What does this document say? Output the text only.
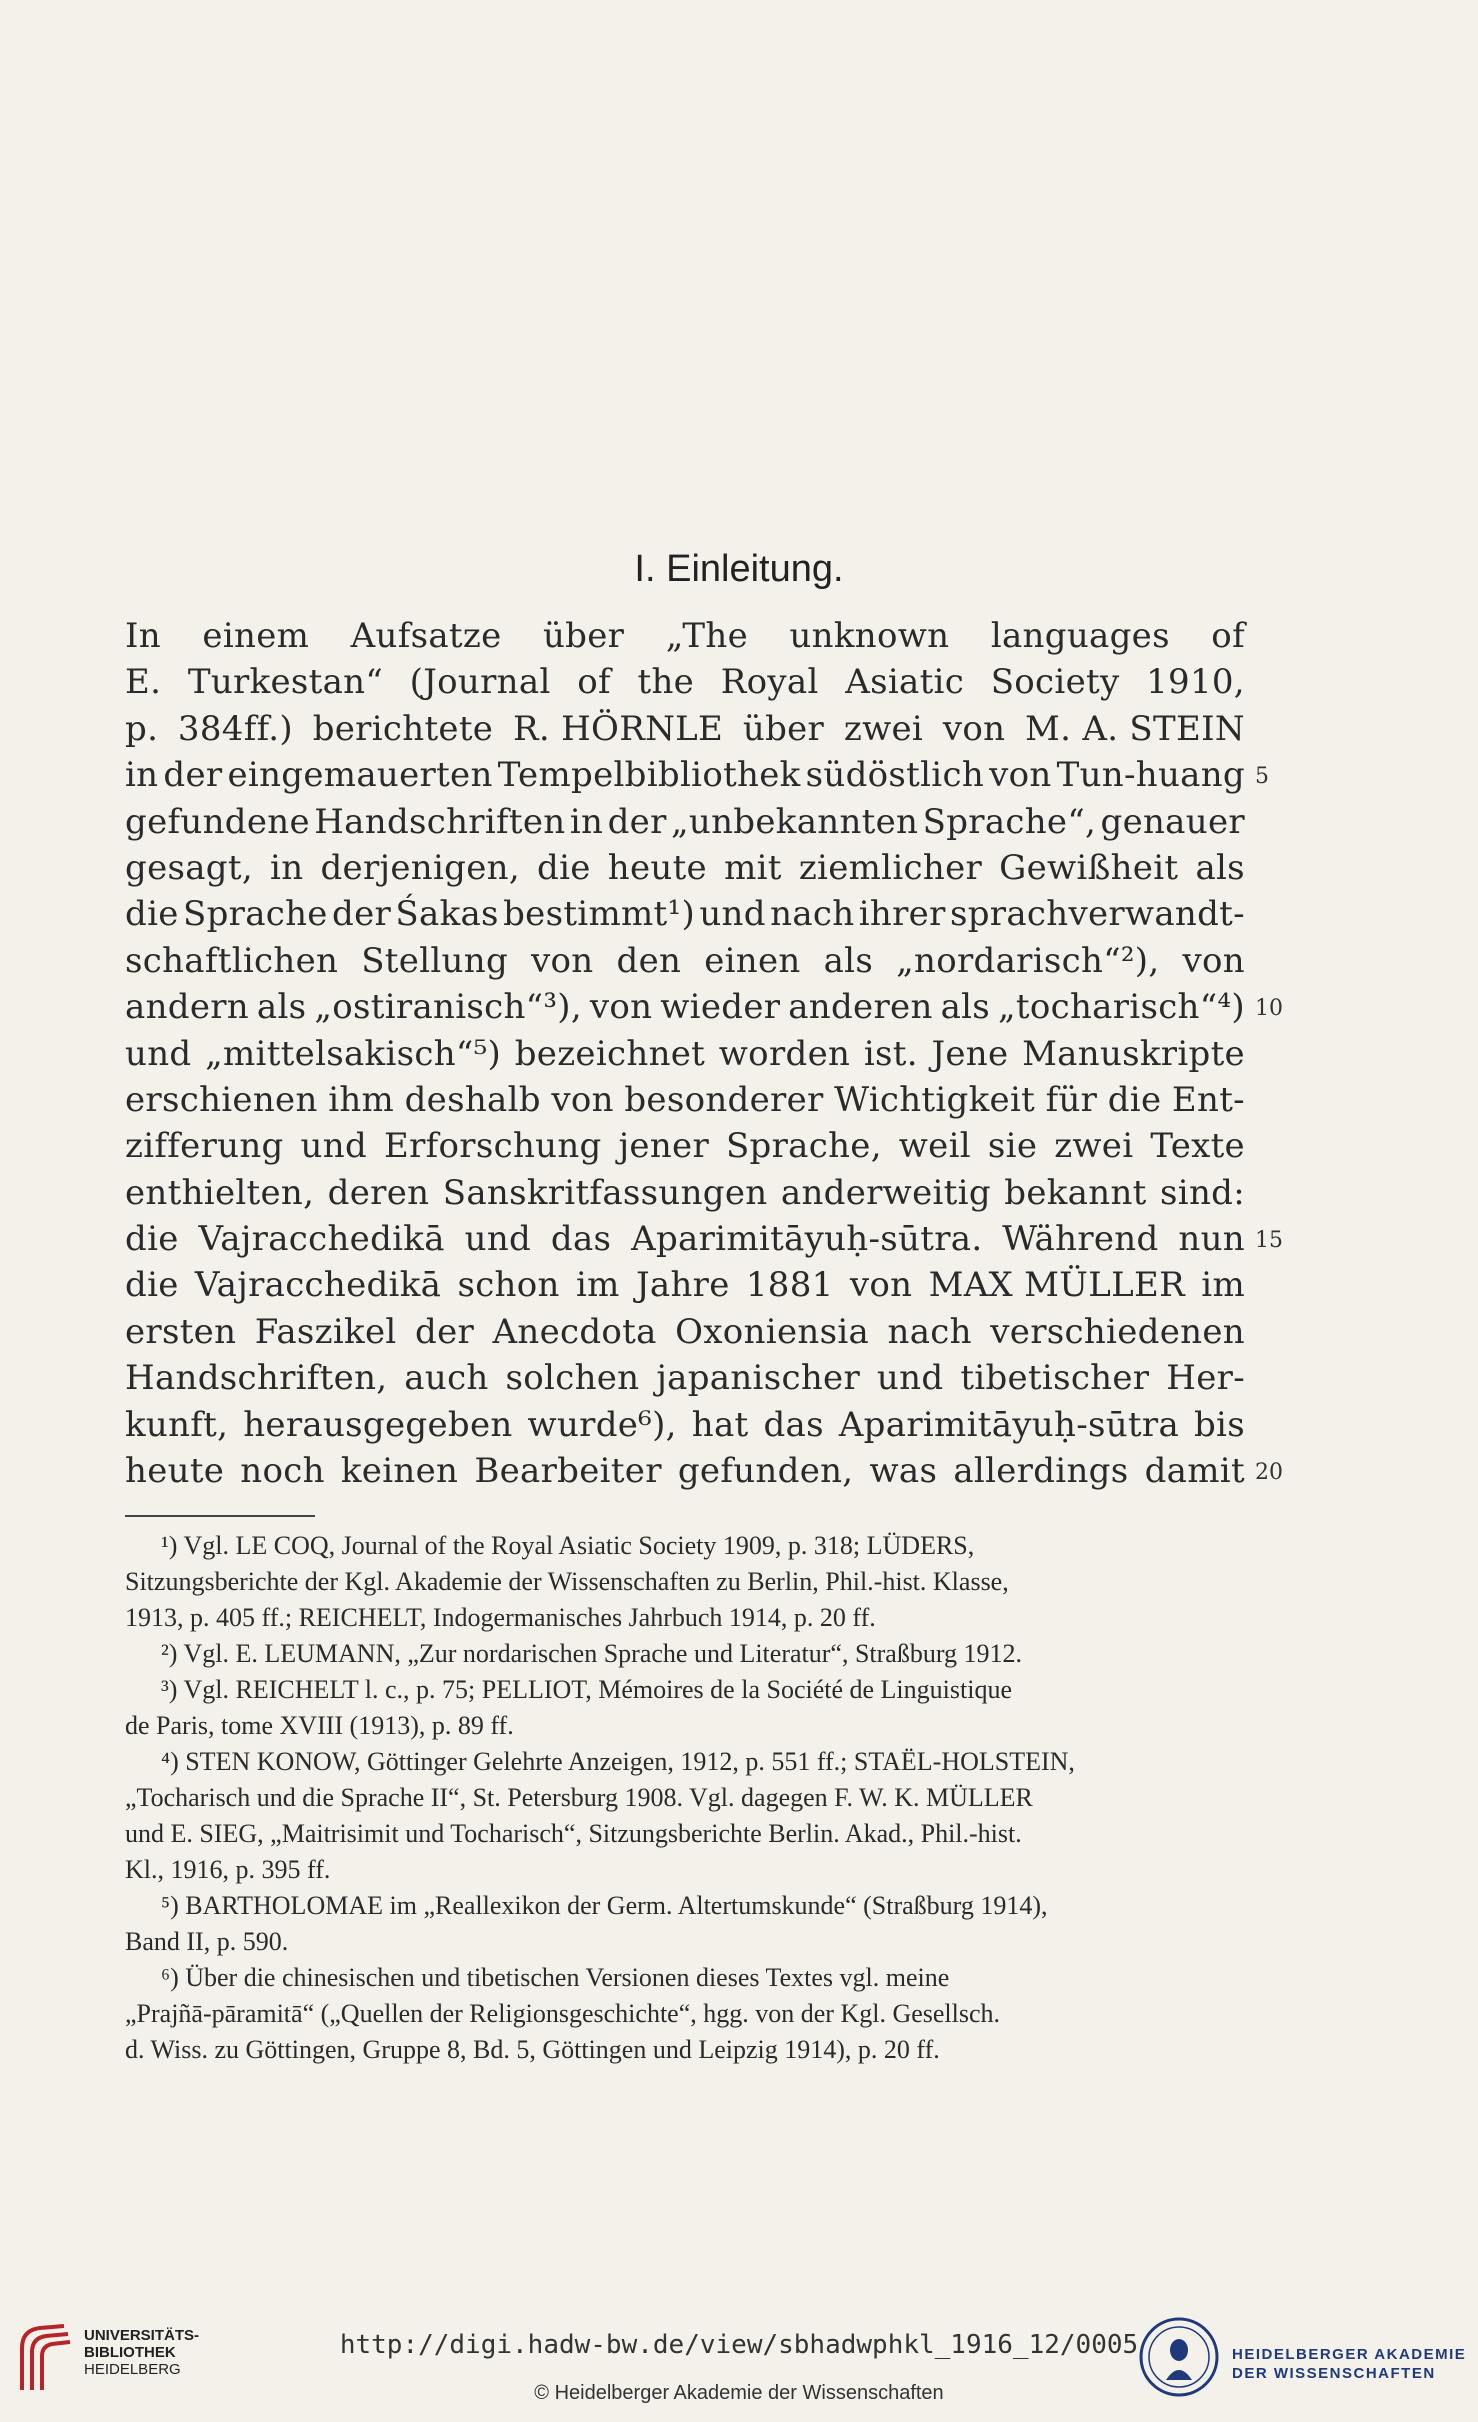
I. Einleitung.
In einem Aufsatze über „The unknown languages of
E. Turkestan“ (Journal of the Royal Asiatic Society 1910,
p. 384ff.) berichtete R. HÖRNLE über zwei von M. A. STEIN
in der eingemauerten Tempelbibliothek südöstlich von Tun-huang
gefundene Handschriften in der „unbekannten Sprache“, genauer
gesagt, in derjenigen, die heute mit ziemlicher Gewißheit als
die Sprache der Śakas bestimmt¹) und nach ihrer sprachverwandt-
schaftlichen Stellung von den einen als „nordarisch“²), von
andern als „ostiranisch“³), von wieder anderen als „tocharisch“⁴)
und „mittelsakisch“⁵) bezeichnet worden ist. Jene Manuskripte
erschienen ihm deshalb von besonderer Wichtigkeit für die Ent-
zifferung und Erforschung jener Sprache, weil sie zwei Texte
enthielten, deren Sanskritfassungen anderweitig bekannt sind:
die Vajracchedikā und das Aparimitāyuḥ-sūtra. Während nun
die Vajracchedikā schon im Jahre 1881 von MAX MÜLLER im
ersten Faszikel der Anecdota Oxoniensia nach verschiedenen
Handschriften, auch solchen japanischer und tibetischer Her-
kunft, herausgegeben wurde⁶), hat das Aparimitāyuḥ-sūtra bis
heute noch keinen Bearbeiter gefunden, was allerdings damit
5
10
15
20
¹) Vgl. LE COQ, Journal of the Royal Asiatic Society 1909, p. 318; LÜDERS,
Sitzungsberichte der Kgl. Akademie der Wissenschaften zu Berlin, Phil.-hist. Klasse,
1913, p. 405 ff.; REICHELT, Indogermanisches Jahrbuch 1914, p. 20 ff.
²) Vgl. E. LEUMANN, „Zur nordarischen Sprache und Literatur“, Straßburg 1912.
³) Vgl. REICHELT l. c., p. 75; PELLIOT, Mémoires de la Société de Linguistique
de Paris, tome XVIII (1913), p. 89 ff.
⁴) STEN KONOW, Göttinger Gelehrte Anzeigen, 1912, p. 551 ff.; STAËL-HOLSTEIN,
„Tocharisch und die Sprache II“, St. Petersburg 1908. Vgl. dagegen F. W. K. MÜLLER
und E. SIEG, „Maitrisimit und Tocharisch“, Sitzungsberichte Berlin. Akad., Phil.-hist.
Kl., 1916, p. 395 ff.
⁵) BARTHOLOMAE im „Reallexikon der Germ. Altertumskunde“ (Straßburg 1914),
Band II, p. 590.
⁶) Über die chinesischen und tibetischen Versionen dieses Textes vgl. meine
„Prajñā-pāramitā“ („Quellen der Religionsgeschichte“, hgg. von der Kgl. Gesellsch.
d. Wiss. zu Göttingen, Gruppe 8, Bd. 5, Göttingen und Leipzig 1914), p. 20 ff.
UNIVERSITÄTS-
BIBLIOTHEK
HEIDELBERG
http://digi.hadw-bw.de/view/sbhadwphkl_1916_12/0005
© Heidelberger Akademie der Wissenschaften
HEIDELBERGER AKADEMIE
DER WISSENSCHAFTEN
